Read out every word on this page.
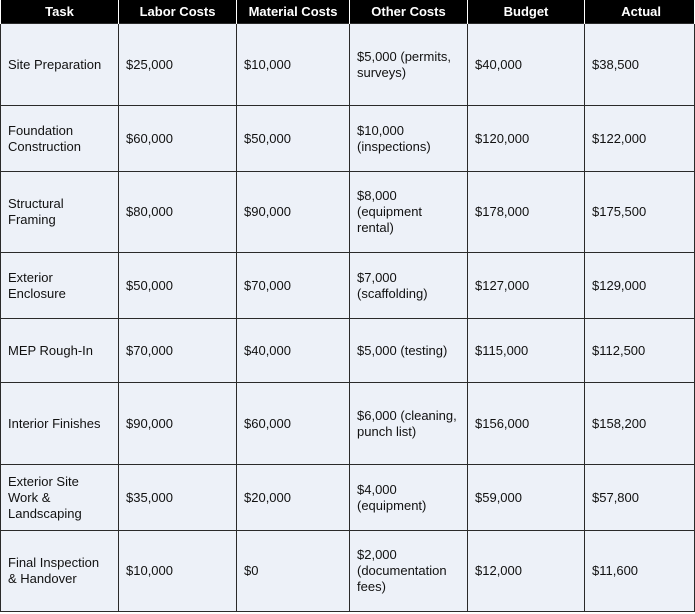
Task	Labor Costs	Material Costs	Other Costs	Budget	Actual
Site Preparation	$25,000	$10,000	$5,000 (permits, surveys)	$40,000	$38,500
Foundation Construction	$60,000	$50,000	$10,000 (inspections)	$120,000	$122,000
Structural Framing	$80,000	$90,000	$8,000 (equipment rental)	$178,000	$175,500
Exterior Enclosure	$50,000	$70,000	$7,000 (scaffolding)	$127,000	$129,000
MEP Rough-In	$70,000	$40,000	$5,000 (testing)	$115,000	$112,500
Interior Finishes	$90,000	$60,000	$6,000 (cleaning, punch list)	$156,000	$158,200
Exterior Site Work & Landscaping	$35,000	$20,000	$4,000 (equipment)	$59,000	$57,800
Final Inspection & Handover	$10,000	$0	$2,000 (documentation fees)	$12,000	$11,600
